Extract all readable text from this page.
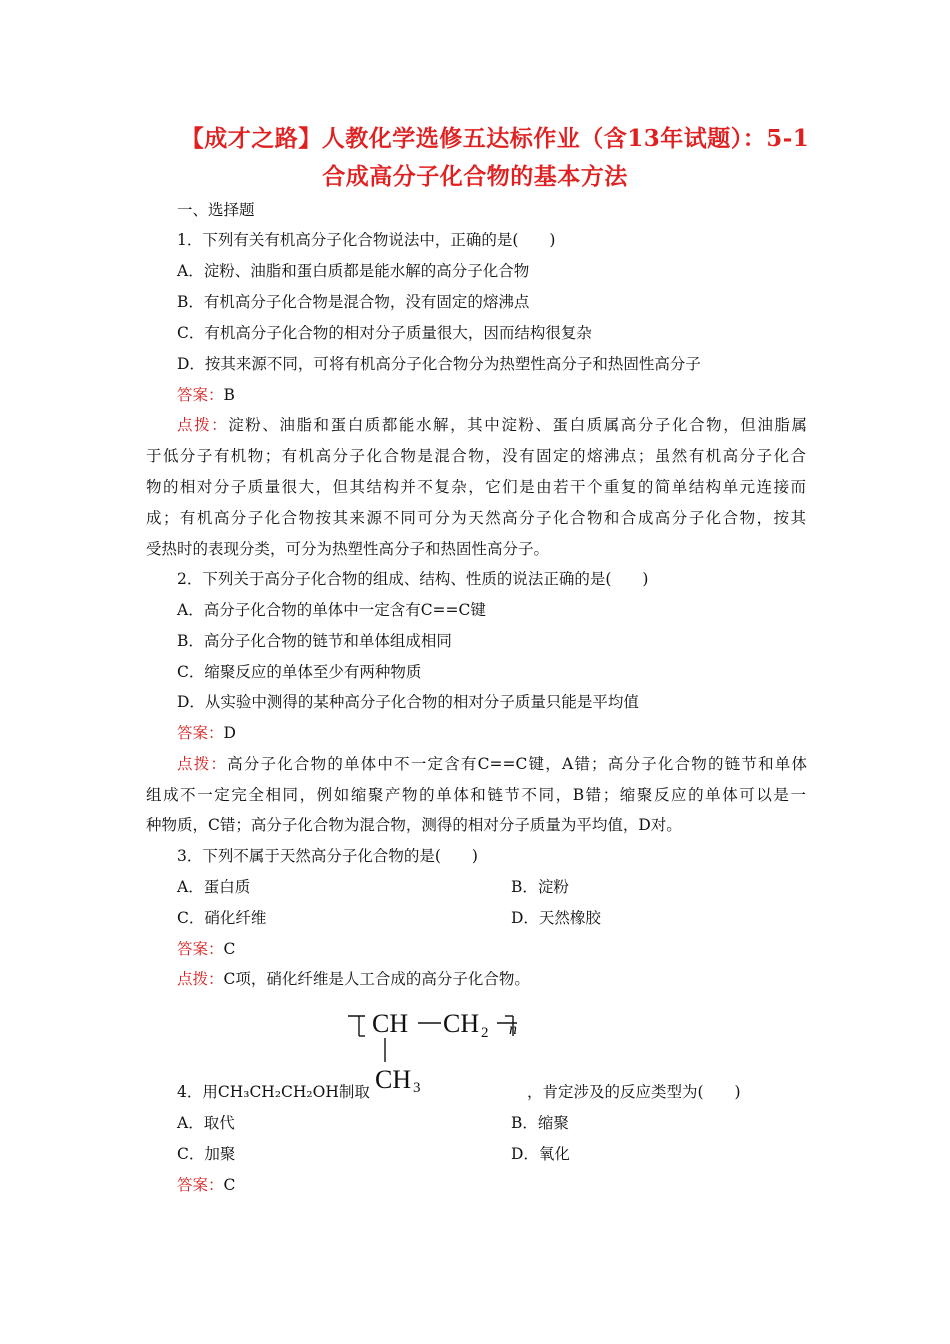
【成才之路】人教化学选修五达标作业（含13年试题）：5-1
合成高分子化合物的基本方法
一、选择题
1．下列有关有机高分子化合物说法中，正确的是(　　)
A．淀粉、油脂和蛋白质都是能水解的高分子化合物
B．有机高分子化合物是混合物，没有固定的熔沸点
C．有机高分子化合物的相对分子质量很大，因而结构很复杂
D．按其来源不同，可将有机高分子化合物分为热塑性高分子和热固性高分子
答案：B
点拨：淀粉、油脂和蛋白质都能水解，其中淀粉、蛋白质属高分子化合物，但油脂属
于低分子有机物；有机高分子化合物是混合物，没有固定的熔沸点；虽然有机高分子化合
物的相对分子质量很大，但其结构并不复杂，它们是由若干个重复的简单结构单元连接而
成；有机高分子化合物按其来源不同可分为天然高分子化合物和合成高分子化合物，按其
受热时的表现分类，可分为热塑性高分子和热固性高分子。
2．下列关于高分子化合物的组成、结构、性质的说法正确的是(　　)
A．高分子化合物的单体中一定含有C==C键
B．高分子化合物的链节和单体组成相同
C．缩聚反应的单体至少有两种物质
D．从实验中测得的某种高分子化合物的相对分子质量只能是平均值
答案：D
点拨：高分子化合物的单体中不一定含有C==C键，A错；高分子化合物的链节和单体
组成不一定完全相同，例如缩聚产物的单体和链节不同，B错；缩聚反应的单体可以是一
种物质，C错；高分子化合物为混合物，测得的相对分子质量为平均值，D对。
3．下列不属于天然高分子化合物的是(　　)
A．蛋白质	B．淀粉
C．硝化纤维	D．天然橡胶
答案：C
点拨：C项，硝化纤维是人工合成的高分子化合物。
CH CH 2 n
CH 3
4．用CH₃CH₂CH₂OH制取	，肯定涉及的反应类型为(　　)
A．取代	B．缩聚
C．加聚	D．氧化
答案：C
